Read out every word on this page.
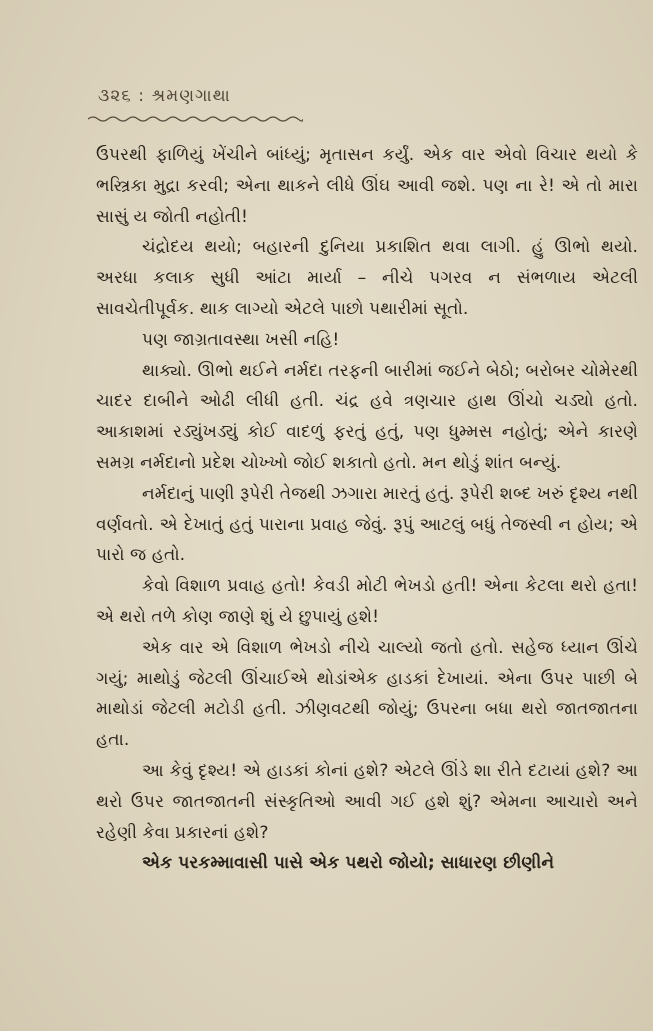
૩૨૬ : શ્રમણગાથા

ઉપરથી ફાળિયું ખેંચીને બાંધ્યું; મૃતાસન કર્યું. એક વાર એવો વિચાર થયો કે ભસ્ત્રિકા મુદ્રા કરવી; એના થાકને લીધે ઊંઘ આવી જશે. પણ ના રે! એ તો મારા સાસું ય જોતી નહોતી!

ચંદ્રોદય થયો; બહારની દુનિયા પ્રકાશિત થવા લાગી. હું ઊભો થયો. અરધા કલાક સુધી આંટા માર્યા – નીચે પગરવ ન સંભળાય એટલી સાવચેતીપૂર્વક. થાક લાગ્યો એટલે પાછો પથારીમાં સૂતો.

પણ જાગ્રતાવસ્થા ખસી નહિ!

થાક્યો. ઊભો થઈને નર્મદા તરફની બારીમાં જઈને બેઠો; બરોબર ચોમેરથી ચાદર દાબીને ઓઢી લીધી હતી. ચંદ્ર હવે ત્રણચાર હાથ ઊંચો ચડ્યો હતો. આકાશમાં રડ્યુંખડ્યું કોઈ વાદળું ફરતું હતું, પણ ધુમ્મસ નહોતું; એને કારણે સમગ્ર નર્મદાનો પ્રદેશ ચોખ્ખો જોઈ શકાતો હતો. મન થોડું શાંત બન્યું.

નર્મદાનું પાણી રૂપેરી તેજથી ઝગારા મારતું હતું. રૂપેરી શબ્દ ખરું દૃશ્ય નથી વર્ણવતો. એ દેખાતું હતું પારાના પ્રવાહ જેવું. રૂપું આટલું બધું તેજસ્વી ન હોય; એ પારો જ હતો.

કેવો વિશાળ પ્રવાહ હતો! કેવડી મોટી ભેખડો હતી! એના કેટલા થરો હતા! એ થરો તળે કોણ જાણે શું યે છુપાયું હશે!

એક વાર એ વિશાળ ભેખડો નીચે ચાલ્યો જતો હતો. સહેજ ધ્યાન ઊંચે ગયું; માથોડું જેટલી ઊંચાઈએ થોડાંએક હાડકાં દેખાયાં. એના ઉપર પાછી બે માથોડાં જેટલી મટોડી હતી. ઝીણવટથી જોયું; ઉપરના બધા થરો જાતજાતના હતા.

આ કેવું દૃશ્ય! એ હાડકાં કોનાં હશે? એટલે ઊંડે શા રીતે દટાયાં હશે? આ થરો ઉપર જાતજાતની સંસ્કૃતિઓ આવી ગઈ હશે શું? એમના આચારો અને રહેણી કેવા પ્રકારનાં હશે?

એક પરકમ્માવાસી પાસે એક પથરો જોયો; સાધારણ છીણીને
